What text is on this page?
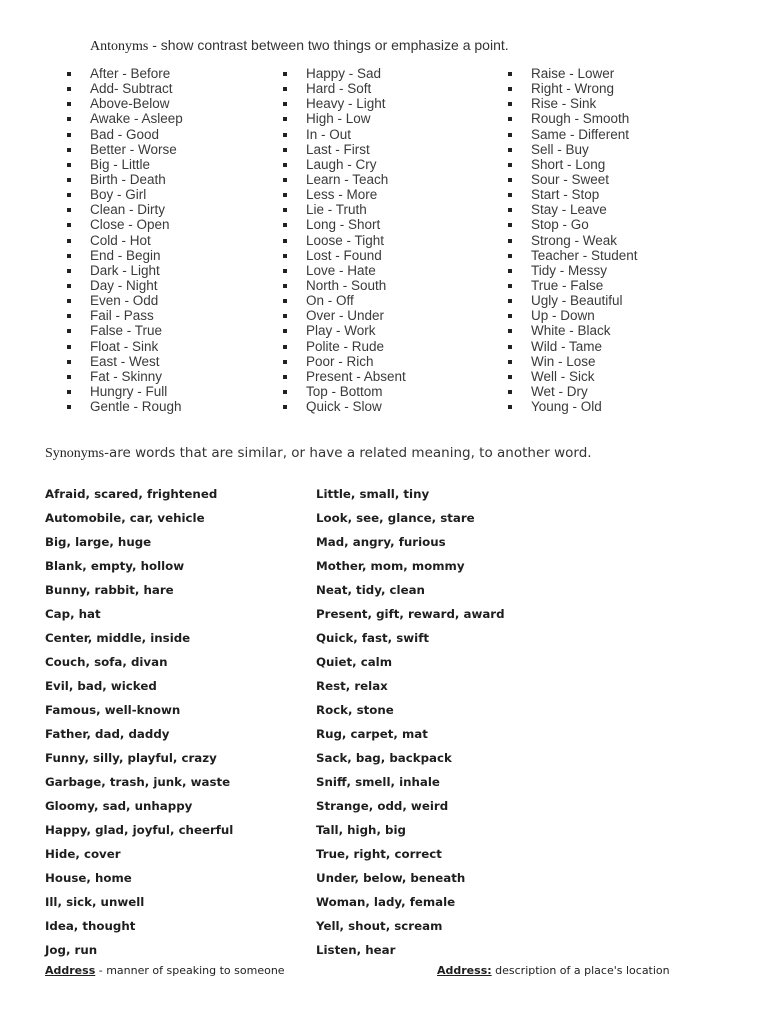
Antonyms - show contrast between two things or emphasize a point.
After - Before
Add- Subtract
Above-Below
Awake - Asleep
Bad - Good
Better - Worse
Big - Little
Birth - Death
Boy - Girl
Clean - Dirty
Close - Open
Cold - Hot
End - Begin
Dark - Light
Day - Night
Even - Odd
Fail - Pass
False - True
Float - Sink
East - West
Fat - Skinny
Hungry - Full
Gentle - Rough
Happy - Sad
Hard - Soft
Heavy - Light
High - Low
In - Out
Last - First
Laugh - Cry
Learn - Teach
Less - More
Lie - Truth
Long - Short
Loose - Tight
Lost - Found
Love - Hate
North - South
On - Off
Over - Under
Play - Work
Polite - Rude
Poor - Rich
Present - Absent
Top - Bottom
Quick - Slow
Raise - Lower
Right - Wrong
Rise - Sink
Rough - Smooth
Same - Different
Sell - Buy
Short - Long
Sour - Sweet
Start - Stop
Stay - Leave
Stop - Go
Strong - Weak
Teacher - Student
Tidy - Messy
True - False
Ugly - Beautiful
Up - Down
White - Black
Wild - Tame
Win - Lose
Well - Sick
Wet - Dry
Young - Old
Synonyms-are words that are similar, or have a related meaning, to another word.
Afraid, scared, frightened
Automobile, car, vehicle
Big, large, huge
Blank, empty, hollow
Bunny, rabbit, hare
Cap, hat
Center, middle, inside
Couch, sofa, divan
Evil, bad, wicked
Famous, well-known
Father, dad, daddy
Funny, silly, playful, crazy
Garbage, trash, junk, waste
Gloomy, sad, unhappy
Happy, glad, joyful, cheerful
Hide, cover
House, home
Ill, sick, unwell
Idea, thought
Jog, run
Little, small, tiny
Look, see, glance, stare
Mad, angry, furious
Mother, mom, mommy
Neat, tidy, clean
Present, gift, reward, award
Quick, fast, swift
Quiet, calm
Rest, relax
Rock, stone
Rug, carpet, mat
Sack, bag, backpack
Sniff, smell, inhale
Strange, odd, weird
Tall, high, big
True, right, correct
Under, below, beneath
Woman, lady, female
Yell, shout, scream
Listen, hear
Address - manner of speaking to someone	Address: description of a place's location
